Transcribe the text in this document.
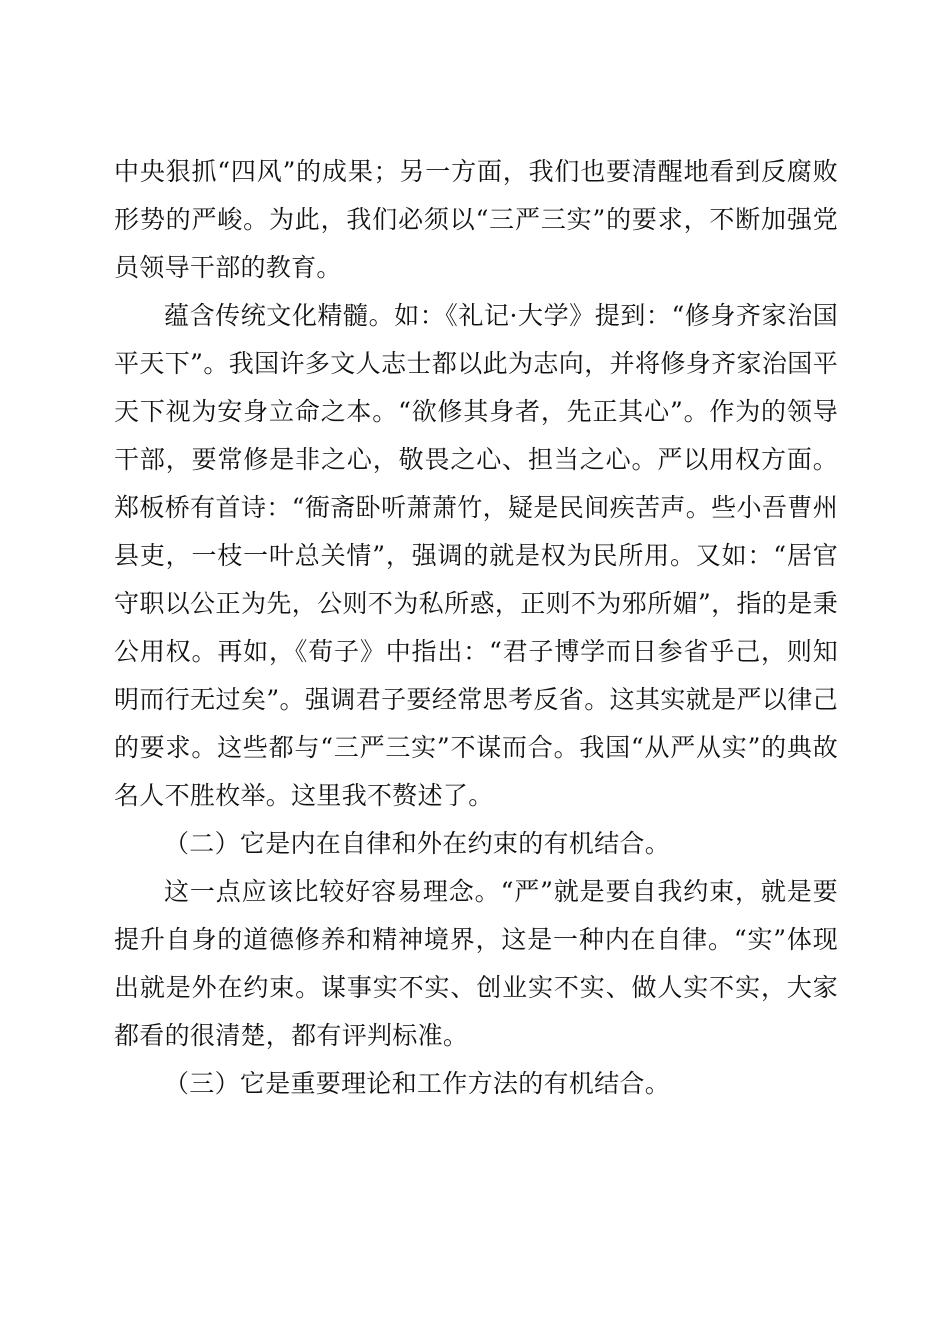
中央狠抓“四风”的成果；另一方面，我们也要清醒地看到反腐败形势的严峻。为此，我们必须以“三严三实”的要求，不断加强党员领导干部的教育。

蕴含传统文化精髓。如：《礼记·大学》提到：“修身齐家治国平天下”。我国许多文人志士都以此为志向，并将修身齐家治国平天下视为安身立命之本。“欲修其身者，先正其心”。作为的领导干部，要常修是非之心，敬畏之心、担当之心。严以用权方面。郑板桥有首诗：“衙斋卧听萧萧竹，疑是民间疾苦声。些小吾曹州县吏，一枝一叶总关情”，强调的就是权为民所用。又如：“居官守职以公正为先，公则不为私所惑，正则不为邪所媚”，指的是秉公用权。再如，《荀子》中指出：“君子博学而日参省乎己，则知明而行无过矣”。强调君子要经常思考反省。这其实就是严以律己的要求。这些都与“三严三实”不谋而合。我国“从严从实”的典故名人不胜枚举。这里我不赘述了。

（二）它是内在自律和外在约束的有机结合。

这一点应该比较好容易理念。“严”就是要自我约束，就是要提升自身的道德修养和精神境界，这是一种内在自律。“实”体现出就是外在约束。谋事实不实、创业实不实、做人实不实，大家都看的很清楚，都有评判标准。

（三）它是重要理论和工作方法的有机结合。
